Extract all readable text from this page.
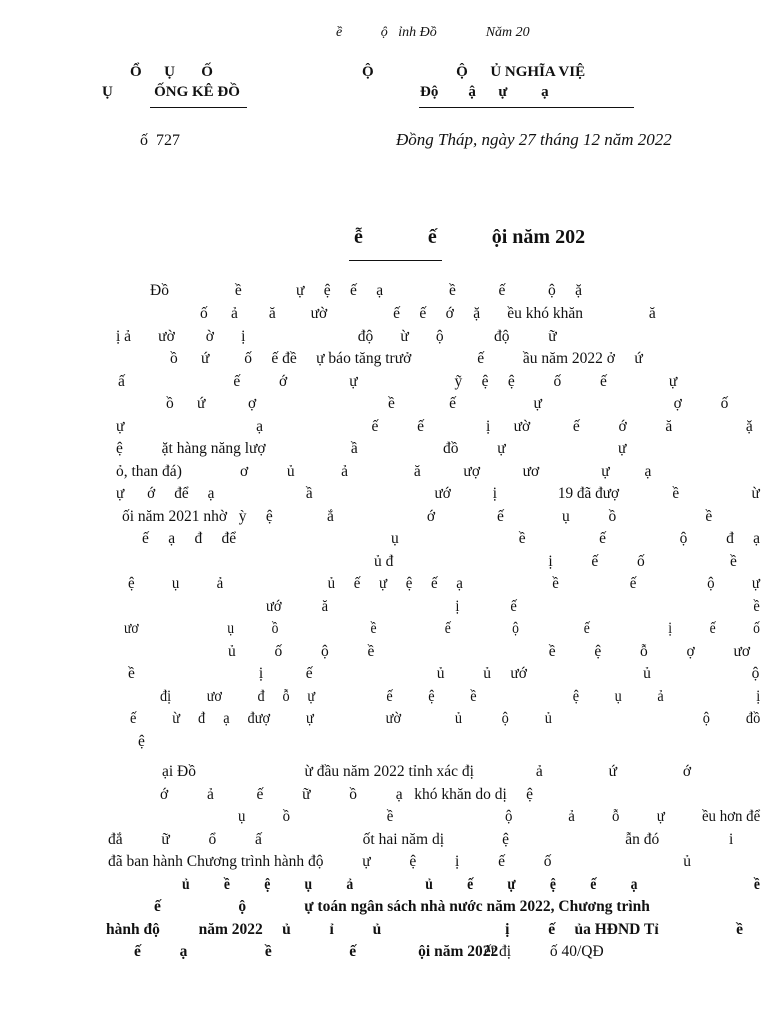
ề           ộ   ỉnh Đồ              Năm 20
Ổ      Ụ       Ố
Ụ           ỐNG KÊ ĐỒ
Ộ                      Ộ      Ủ NGHĨA VIỆ
Độ        ậ      ự         ạ
ố  727	Đồng Tháp, ngày 27 tháng 12 năm 2022
ễ             ế           ội năm 202
Đồ                 ề              ự     ệ     ế     ạ                 ề           ế           ộ     ặ
ố      ả        ă         ườ                 ế     ế     ớ     ặ       ều khó khăn                 ă
ị ả       ườ        ờ       ị                             độ       ừ       ộ             độ          ữ
ồ      ứ         ố     ế đề     ự báo tăng trưở                 ế          ầu năm 2022 ở     ứ
ấ                            ế          ớ                ự                         ỹ     ệ     ệ          ố          ế                ự
ồ      ứ           ợ                                  ề              ế                    ự                                  ợ          ố
ự                                  ạ                            ế          ế                ị      ườ           ế          ớ          ă                   ặ
ệ          ặt hàng năng lượ                      ầ                      đồ          ự                             ự
ỏ, than đá)               ơ          ủ            ả                 ă           ượ           ươ                ự         ạ
ự      ớ     để     ạ                        ầ                                ướ           ị                19 đã đượ              ề                   ừ
ối năm 2021 nhờ   ỳ     ệ              ắ                        ớ                ế               ụ          ồ                       ề
ế     ạ     đ     để                                        ụ                               ề                   ế                   ộ          đ     ạ
ủ đ                                        ị          ế          ố                      ề
ệ          ụ          ả                            ủ     ế     ự     ệ     ế     ạ                        ề                   ế                   ộ          ự
ướ           ă                                   ị              ế                                                                 ề
ươ                          ụ           ồ                           ề                    ế                  ộ                   ế                       ị           ế           ố
ủ          ố          ộ          ề                                             ề          ệ          ỗ          ợ          ươ
ề                                ị           ế                                ủ          ủ     ướ                              ủ                          ộ
đị          ươ          đ     ỗ     ự                    ế          ệ          ề                           ệ          ụ          ả                          ị
ế          ừ     đ     ạ     đượ          ự                    ườ               ủ           ộ          ủ                                          ộ          đồ
ệ
ại Đồ                            ừ đầu năm 2022 tỉnh xác đị                ả                 ứ                 ớ
ớ          ả           ế          ữ          ồ          ạ   khó khăn do dị     ệ
ụ          ồ                          ề                              ộ               ả          ỗ          ự          ều hơn để
đắ          ữ          ổ          ấ                          ốt hai năm dị               ệ                              ẫn đó                  i
đã ban hành Chương trình hành độ          ự          ệ          ị          ế          ố                                  ủ
ủ          ề          ệ          ụ          ả                     ủ          ế          ự          ệ          ế          ạ                                  ề
ế                    ộ               ự toán ngân sách nhà nước năm 2022, Chương trình
hành độ          năm 2022     ủ          ỉ          ủ                                ị          ế     ủa HĐND Tỉ                    ề
ế          ạ                    ề                    ế                ội năm 2022
ết đị          ố 40/QĐ
